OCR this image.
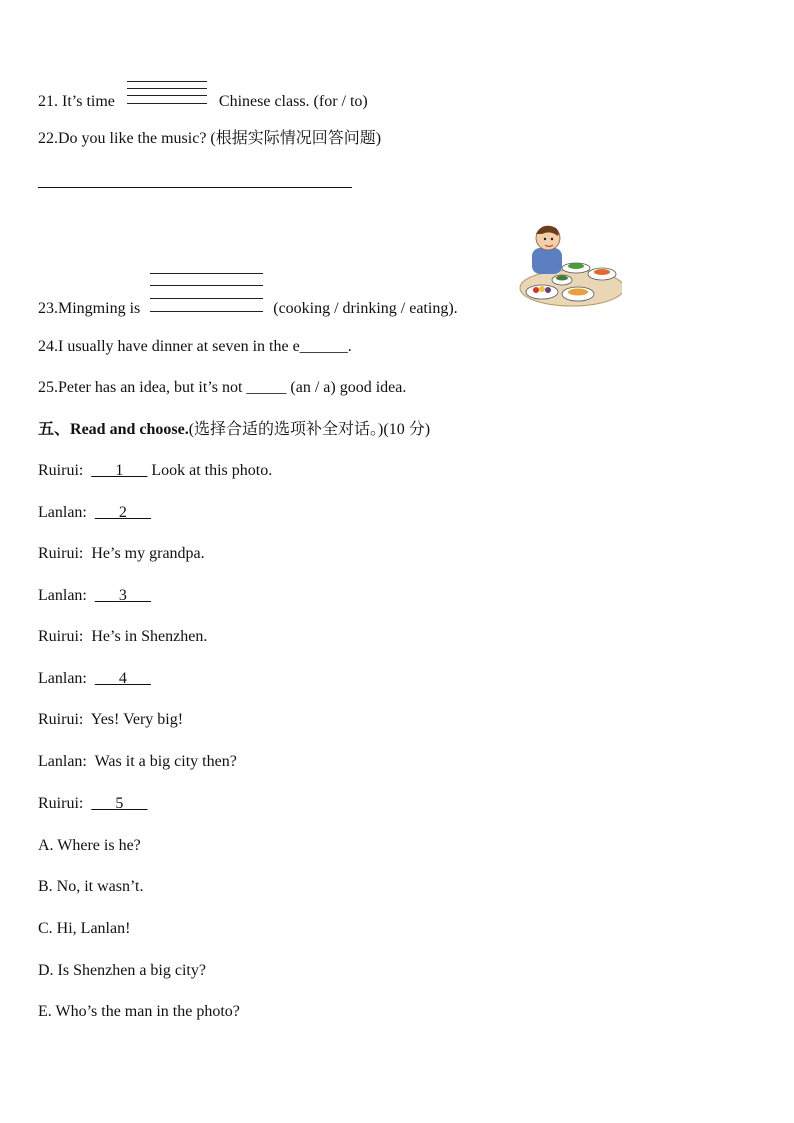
21. It’s time	Chinese class. (for / to)
22.Do you like the music? (根据实际情况回答问题)
23.Mingming is	(cooking / drinking / eating).
24.I usually have dinner at seven in the e______.
25.Peter has an idea, but it’s not _____ (an / a) good idea.
五、Read and choose.(选择合适的选项补全对话。)(10 分)
Ruirui: ___1___ Look at this photo.
Lanlan: ___2___
Ruirui: He’s my grandpa.
Lanlan: ___3___
Ruirui: He’s in Shenzhen.
Lanlan: ___4___
Ruirui: Yes! Very big!
Lanlan: Was it a big city then?
Ruirui: ___5___
A. Where is he?
B. No, it wasn’t.
C. Hi, Lanlan!
D. Is Shenzhen a big city?
E. Who’s the man in the photo?
